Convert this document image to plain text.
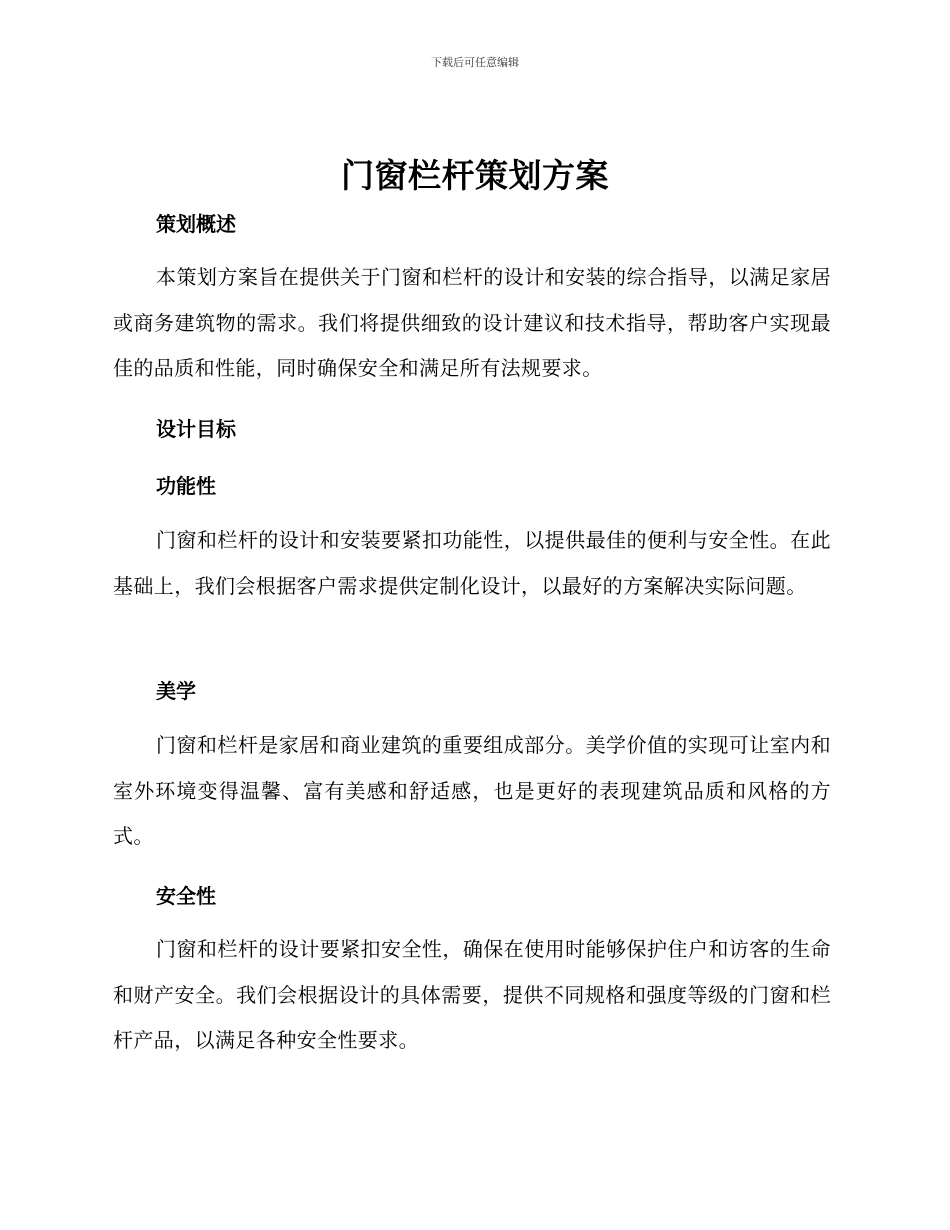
下载后可任意编辑
门窗栏杆策划方案
策划概述

本策划方案旨在提供关于门窗和栏杆的设计和安装的综合指导，以满足家居或商务建筑物的需求。我们将提供细致的设计建议和技术指导，帮助客户实现最佳的品质和性能，同时确保安全和满足所有法规要求。

设计目标
功能性

门窗和栏杆的设计和安装要紧扣功能性，以提供最佳的便利与安全性。在此基础上，我们会根据客户需求提供定制化设计，以最好的方案解决实际问题。

美学

门窗和栏杆是家居和商业建筑的重要组成部分。美学价值的实现可让室内和室外环境变得温馨、富有美感和舒适感，也是更好的表现建筑品质和风格的方式。

安全性

门窗和栏杆的设计要紧扣安全性，确保在使用时能够保护住户和访客的生命和财产安全。我们会根据设计的具体需要，提供不同规格和强度等级的门窗和栏杆产品，以满足各种安全性要求。
